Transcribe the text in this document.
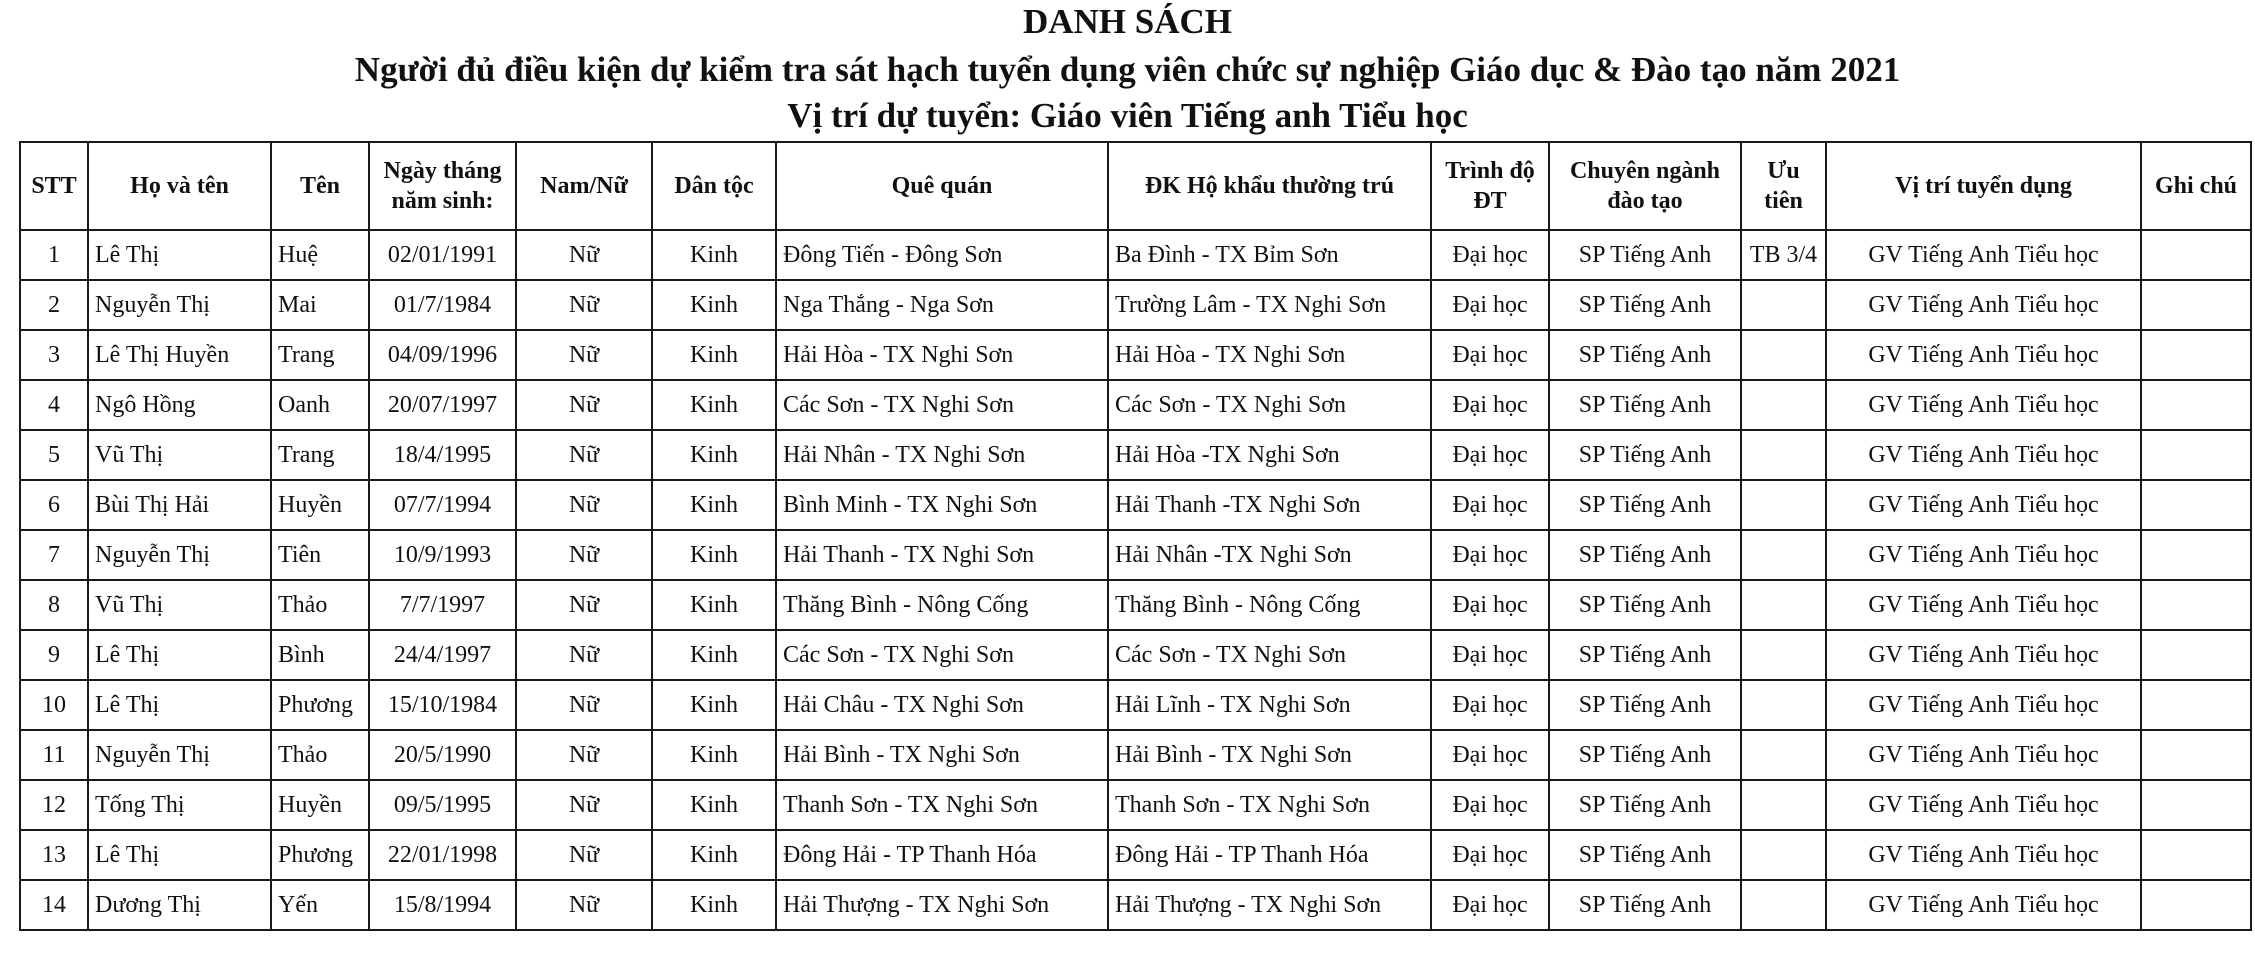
DANH SÁCH
Người đủ điều kiện dự kiểm tra sát hạch tuyển dụng viên chức sự nghiệp Giáo dục & Đào tạo năm 2021
Vị trí dự tuyển: Giáo viên Tiếng anh Tiểu học
STT	Họ và tên	Tên	Ngày tháng năm sinh:	Nam/Nữ	Dân tộc	Quê quán	ĐK Hộ khẩu thường trú	Trình độ ĐT	Chuyên ngành đào tạo	Ưu tiên	Vị trí tuyển dụng	Ghi chú
1	Lê Thị	Huệ	02/01/1991	Nữ	Kinh	Đông Tiến - Đông Sơn	Ba Đình - TX Bỉm Sơn	Đại học	SP Tiếng Anh	TB 3/4	GV Tiếng Anh Tiểu học	
2	Nguyễn Thị	Mai	01/7/1984	Nữ	Kinh	Nga Thắng - Nga Sơn	Trường Lâm - TX Nghi Sơn	Đại học	SP Tiếng Anh		GV Tiếng Anh Tiểu học	
3	Lê Thị Huyền	Trang	04/09/1996	Nữ	Kinh	Hải Hòa - TX Nghi Sơn	Hải Hòa - TX Nghi Sơn	Đại học	SP Tiếng Anh		GV Tiếng Anh Tiểu học	
4	Ngô Hồng	Oanh	20/07/1997	Nữ	Kinh	Các Sơn - TX Nghi Sơn	Các Sơn - TX Nghi Sơn	Đại học	SP Tiếng Anh		GV Tiếng Anh Tiểu học	
5	Vũ Thị	Trang	18/4/1995	Nữ	Kinh	Hải Nhân - TX Nghi Sơn	Hải Hòa -TX Nghi Sơn	Đại học	SP Tiếng Anh		GV Tiếng Anh Tiểu học	
6	Bùi Thị Hải	Huyền	07/7/1994	Nữ	Kinh	Bình Minh - TX Nghi Sơn	Hải Thanh -TX Nghi Sơn	Đại học	SP Tiếng Anh		GV Tiếng Anh Tiểu học	
7	Nguyễn Thị	Tiên	10/9/1993	Nữ	Kinh	Hải Thanh - TX Nghi Sơn	Hải Nhân -TX Nghi Sơn	Đại học	SP Tiếng Anh		GV Tiếng Anh Tiểu học	
8	Vũ Thị	Thảo	7/7/1997	Nữ	Kinh	Thăng Bình - Nông Cống	Thăng Bình - Nông Cống	Đại học	SP Tiếng Anh		GV Tiếng Anh Tiểu học	
9	Lê Thị	Bình	24/4/1997	Nữ	Kinh	Các Sơn - TX Nghi Sơn	Các Sơn - TX Nghi Sơn	Đại học	SP Tiếng Anh		GV Tiếng Anh Tiểu học	
10	Lê Thị	Phương	15/10/1984	Nữ	Kinh	Hải Châu - TX Nghi Sơn	Hải Lĩnh - TX Nghi Sơn	Đại học	SP Tiếng Anh		GV Tiếng Anh Tiểu học	
11	Nguyễn Thị	Thảo	20/5/1990	Nữ	Kinh	Hải Bình - TX Nghi Sơn	Hải Bình - TX Nghi Sơn	Đại học	SP Tiếng Anh		GV Tiếng Anh Tiểu học	
12	Tống Thị	Huyền	09/5/1995	Nữ	Kinh	Thanh Sơn - TX Nghi Sơn	Thanh Sơn - TX Nghi Sơn	Đại học	SP Tiếng Anh		GV Tiếng Anh Tiểu học	
13	Lê Thị	Phương	22/01/1998	Nữ	Kinh	Đông Hải - TP Thanh Hóa	Đông Hải - TP Thanh Hóa	Đại học	SP Tiếng Anh		GV Tiếng Anh Tiểu học	
14	Dương Thị	Yến	15/8/1994	Nữ	Kinh	Hải Thượng - TX Nghi Sơn	Hải Thượng - TX Nghi Sơn	Đại học	SP Tiếng Anh		GV Tiếng Anh Tiểu học	
